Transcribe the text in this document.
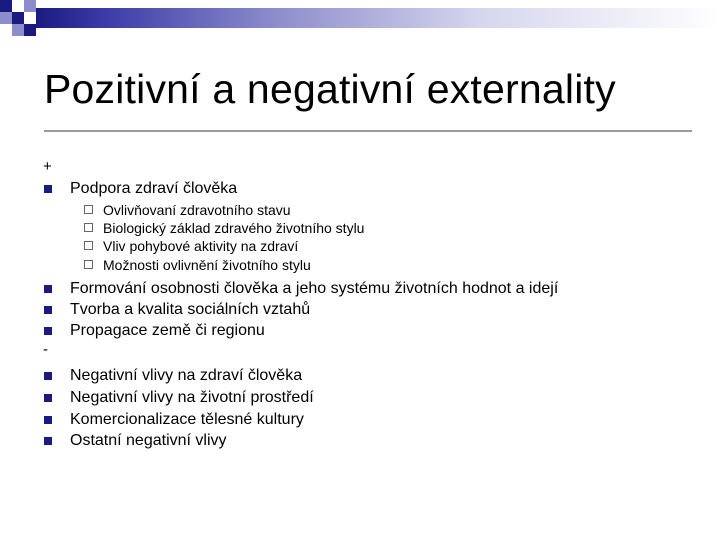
Pozitivní a negativní externality
+
Podpora zdraví člověka
Ovlivňovaní zdravotního stavu
Biologický základ zdravého životního stylu
Vliv pohybové aktivity na zdraví
Možnosti ovlivnění životního stylu
Formování osobnosti člověka a jeho systému životních hodnot a idejí
Tvorba a kvalita sociálních vztahů
Propagace země či regionu
-
Negativní vlivy na zdraví člověka
Negativní vlivy na životní prostředí
Komercionalizace tělesné kultury
Ostatní negativní vlivy
